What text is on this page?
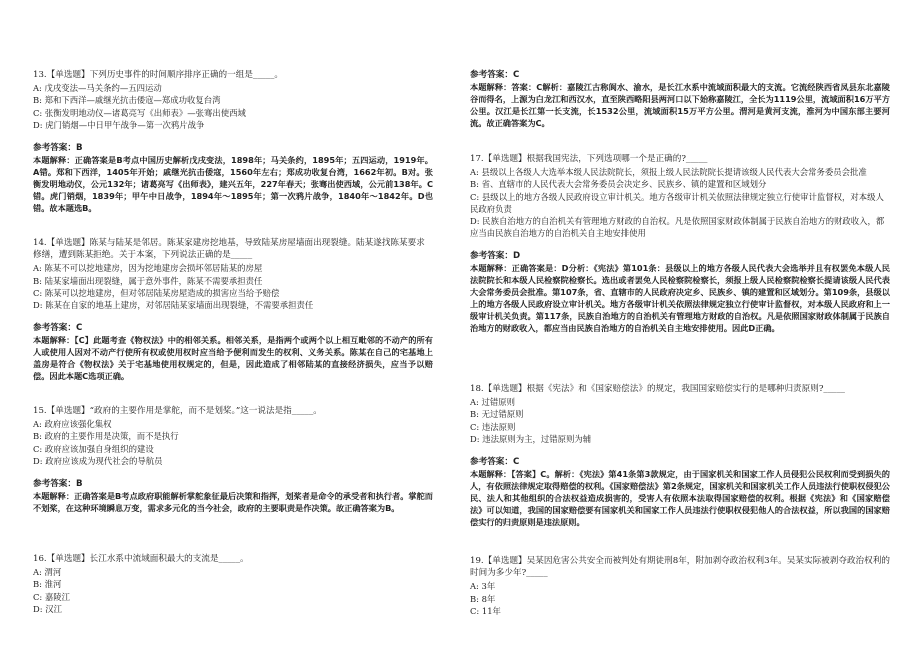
13.【单选题】下列历史事件的时间顺序排序正确的一组是_____。

A: 戊戌变法—马关条约—五四运动
B: 郑和下西洋—戚继光抗击倭寇—郑成功收复台湾
C: 张衡发明地动仪—诸葛亮写《出师表》—张骞出使西域
D: 虎门销烟—中日甲午战争—第一次鸦片战争
参考答案：B

本题解释：正确答案是B考点中国历史解析戊戌变法，1898年；马关条约，1895年；五四运动，1919年。A错。郑和下西洋，1405年开始；戚继光抗击倭寇，1560年左右；郑成功收复台湾，1662年初。B对。张衡发明地动仪，公元132年；诸葛亮写《出师表》，建兴五年，227年春天；张骞出使西域，公元前138年。C错。虎门销烟，1839年；甲午中日战争，1894年～1895年；第一次鸦片战争，1840年～1842年。D也错。故本题选B。

14.【单选题】陈某与陆某是邻居。陈某家建房挖地基，导致陆某房屋墙面出现裂缝。陆某遂找陈某要求修缮，遭到陈某拒绝。关于本案，下列说法正确的是_____

A: 陈某不可以挖地建房，因为挖地建房会损坏邻居陆某的房屋
B: 陆某家墙面出现裂缝，属于意外事件，陈某不需要承担责任
C: 陈某可以挖地建房，但对邻居陆某房屋造成的损害应当给予赔偿
D: 陈某在自家的地基上建房，对邻居陆某家墙面出现裂缝，不需要承担责任
参考答案：C

本题解释：【C】此题考查《物权法》中的相邻关系。相邻关系，是指两个或两个以上相互毗邻的不动产的所有人或使用人因对不动产行使所有权或使用权时应当给予便利而发生的权利、义务关系。陈某在自己的宅基地上盖房是符合《物权法》关于宅基地使用权规定的，但是，因此造成了相邻陆某的直接经济损失，应当予以赔偿。因此本题C选项正确。

15.【单选题】“政府的主要作用是掌舵，而不是划桨。”这一说法是指_____。

A: 政府应该强化集权
B: 政府的主要作用是决策，而不是执行
C: 政府应该加强自身组织的建设
D: 政府应该成为现代社会的导航员
参考答案：B

本题解释：正确答案是B考点政府职能解析掌舵象征最后决策和指挥，划桨者是命令的承受者和执行者。掌舵而不划桨，在这种环境瞬息万变，需求多元化的当今社会，政府的主要职责是作决策。故正确答案为B。

16.【单选题】长江水系中流域面积最大的支流是_____。

A: 渭河
B: 淮河
C: 嘉陵江
D: 汉江
参考答案：C

本题解释：答案：C解析：嘉陵江古称阆水、渝水，是长江水系中流域面积最大的支流。它流经陕西省凤县东北嘉陵谷而得名，上源为白龙江和西汉水，直至陕西略阳县两河口以下始称嘉陵江，全长为1119公里，流域面积16万平方公里。汉江是长江第一长支流，长1532公里，流域面积15万平方公里。渭河是黄河支流，淮河为中国东部主要河流。故正确答案为C。

17.【单选题】根据我国宪法，下列选项哪一个是正确的?_____

A: 县级以上各级人大选举本级人民法院院长，须报上级人民法院院长提请该级人民代表大会常务委员会批准
B: 省、直辖市的人民代表大会常务委员会决定乡、民族乡、镇的建置和区域划分
C: 县级以上的地方各级人民政府设立审计机关。地方各级审计机关依照法律规定独立行使审计监督权，对本级人民政府负责
D: 民族自治地方的自治机关有管理地方财政的自治权。凡是依照国家财政体制属于民族自治地方的财政收入，都应当由民族自治地方的自治机关自主地安排使用
参考答案：D

本题解释：正确答案是：D分析：《宪法》第101条：县级以上的地方各级人民代表大会选举并且有权罢免本级人民法院院长和本级人民检察院检察长。选出或者罢免人民检察院检察长，须报上级人民检察院检察长提请该级人民代表大会常务委员会批准。第107条，省、直辖市的人民政府决定乡、民族乡、镇的建置和区域划分。第109条，县级以上的地方各级人民政府设立审计机关。地方各级审计机关依照法律规定独立行使审计监督权，对本级人民政府和上一级审计机关负责。第117条，民族自治地方的自治机关有管理地方财政的自治权。凡是依照国家财政体制属于民族自治地方的财政收入，都应当由民族自治地方的自治机关自主地安排使用。因此D正确。

18.【单选题】根据《宪法》和《国家赔偿法》的规定，我国国家赔偿实行的是哪种归责原则?_____

A: 过错原则
B: 无过错原则
C: 违法原则
D: 违法原则为主，过错原则为辅
参考答案：C

本题解释：【答案】C。解析：《宪法》第41条第3款规定，由于国家机关和国家工作人员侵犯公民权利而受到损失的人，有依照法律规定取得赔偿的权利。《国家赔偿法》第2条规定，国家机关和国家机关工作人员违法行使职权侵犯公民、法人和其他组织的合法权益造成损害的，受害人有依照本法取得国家赔偿的权利。根据《宪法》和《国家赔偿法》可以知道，我国的国家赔偿要有国家机关和国家工作人员违法行使职权侵犯他人的合法权益，所以我国的国家赔偿实行的归责原则是违法原则。

19.【单选题】吴某因危害公共安全而被判处有期徒刑8年，附加剥夺政治权利3年。吴某实际被剥夺政治权利的时间为多少年?_____

A: 3年
B: 8年
C: 11年
